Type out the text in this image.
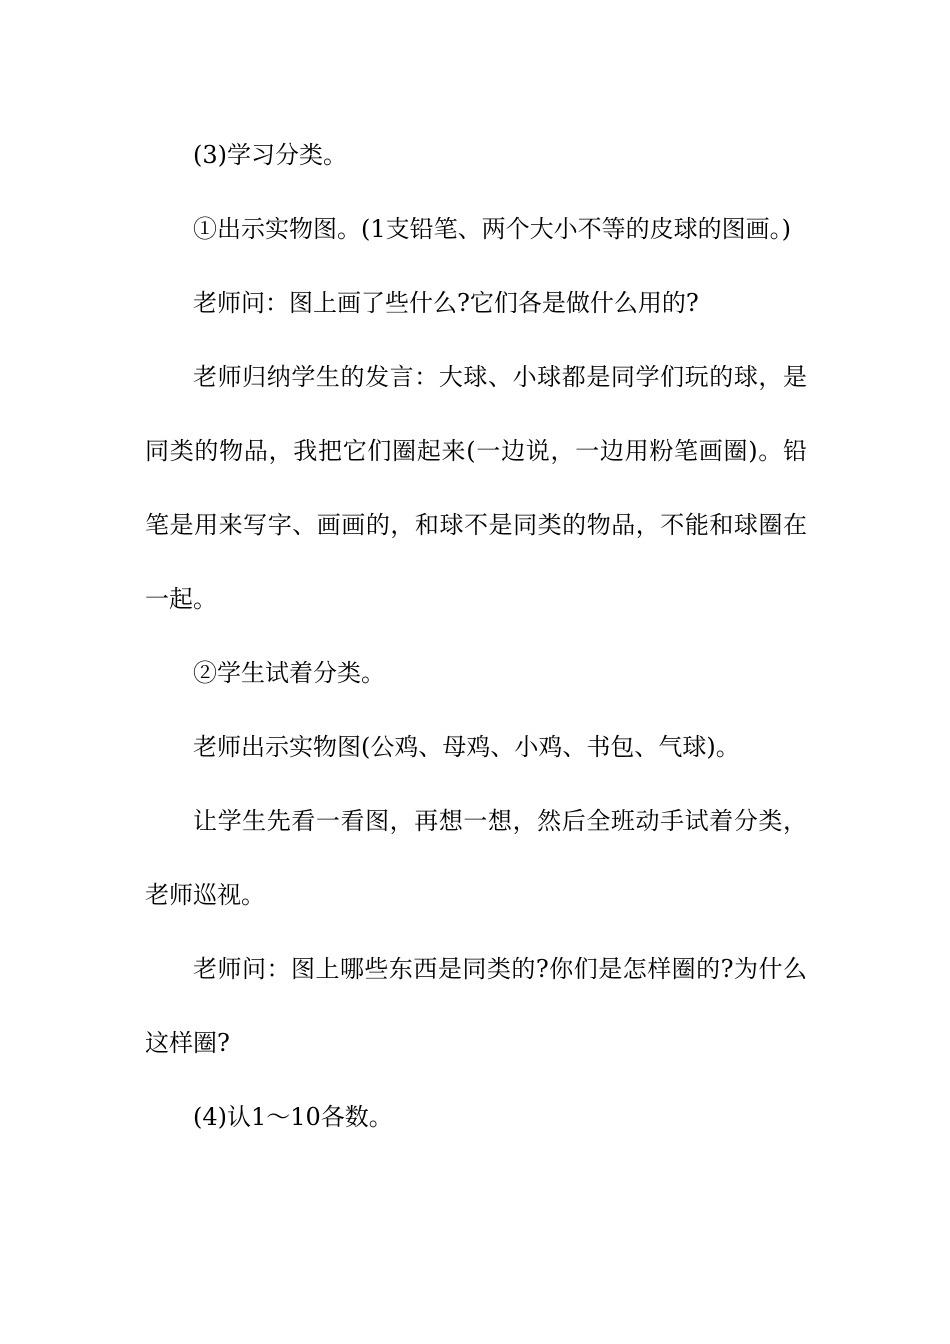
(3)学习分类。

①出示实物图。(1支铅笔、两个大小不等的皮球的图画。)

老师问：图上画了些什么?它们各是做什么用的?

老师归纳学生的发言：大球、小球都是同学们玩的球，是同类的物品，我把它们圈起来(一边说，一边用粉笔画圈)。铅笔是用来写字、画画的，和球不是同类的物品，不能和球圈在一起。

②学生试着分类。

老师出示实物图(公鸡、母鸡、小鸡、书包、气球)。

让学生先看一看图，再想一想，然后全班动手试着分类，老师巡视。

老师问：图上哪些东西是同类的?你们是怎样圈的?为什么这样圈?

(4)认1～10各数。
